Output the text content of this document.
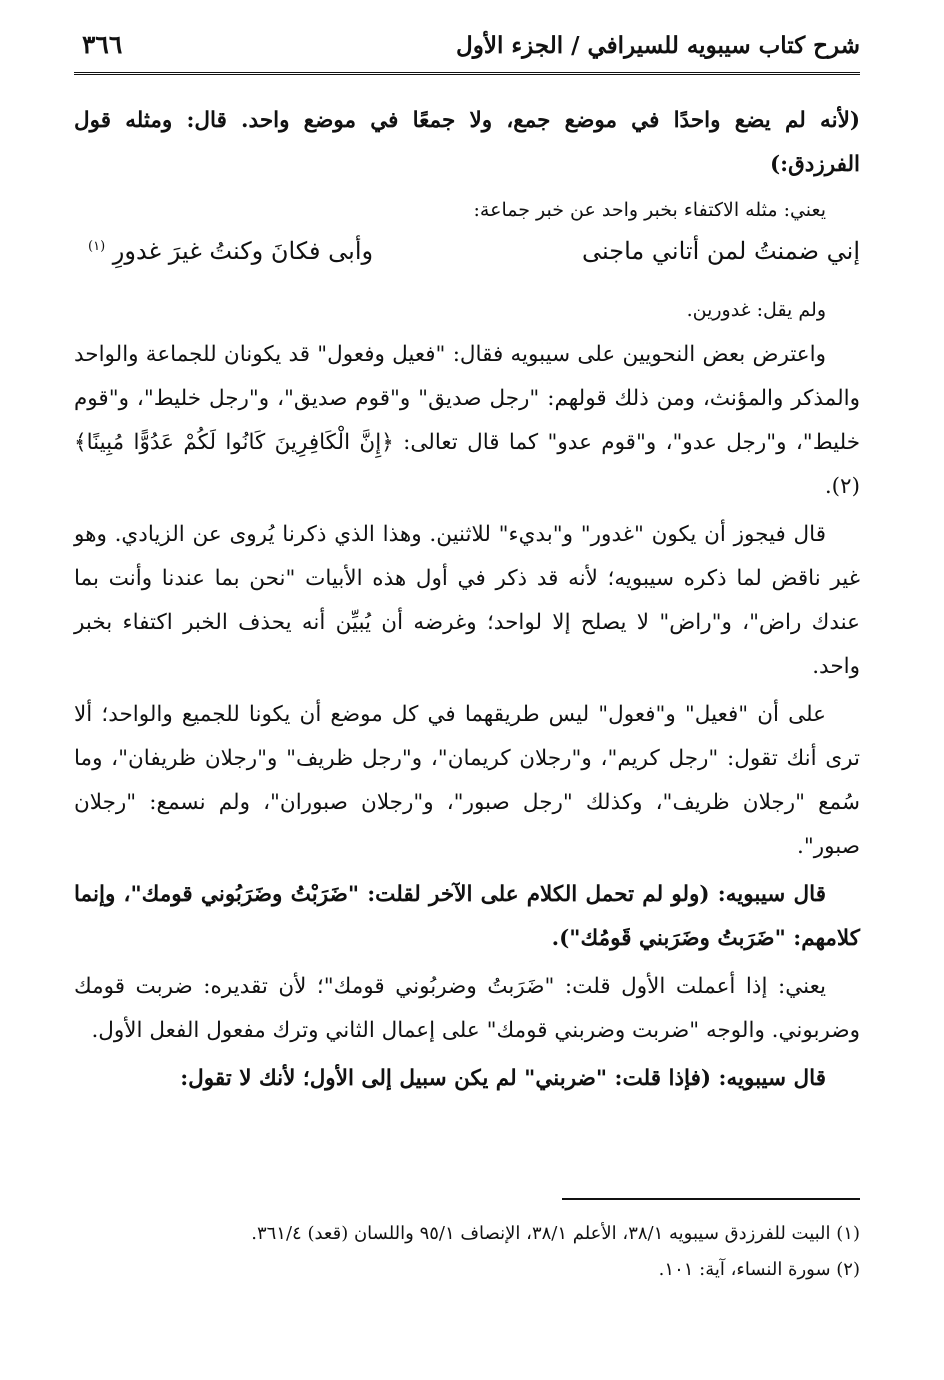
شرح كتاب سيبويه للسيرافي / الجزء الأول
٣٦٦

(لأنه لم يضع واحدًا في موضع جمع، ولا جمعًا في موضع واحد. قال: ومثله قول الفرزدق:)

يعني: مثله الاكتفاء بخبر واحد عن خبر جماعة:

إني ضمنتُ لمن أتاني ماجنى
وأبى فكانَ وكنتُ غيرَ غدورِ $^{(١)}$

ولم يقل: غدورين.

واعترض بعض النحويين على سيبويه فقال: "فعيل وفعول" قد يكونان للجماعة والواحد والمذكر والمؤنث، ومن ذلك قولهم: "رجل صديق" و"قوم صديق"، و"رجل خليط"، و"قوم خليط"، و"رجل عدو"، و"قوم عدو" كما قال تعالى: ﴿إِنَّ الْكَافِرِينَ كَانُوا لَكُمْ عَدُوًّا مُبِينًا﴾(٢).

قال فيجوز أن يكون "غدور" و"بديء" للاثنين. وهذا الذي ذكرنا يُروى عن الزيادي. وهو غير ناقض لما ذكره سيبويه؛ لأنه قد ذكر في أول هذه الأبيات "نحن بما عندنا وأنت بما عندك راض"، و"راض" لا يصلح إلا لواحد؛ وغرضه أن يُبيِّن أنه يحذف الخبر اكتفاء بخبر واحد.

على أن "فعيل" و"فعول" ليس طريقهما في كل موضع أن يكونا للجميع والواحد؛ ألا ترى أنك تقول: "رجل كريم"، و"رجلان كريمان"، و"رجل ظريف" و"رجلان ظريفان"، وما سُمع "رجلان ظريف"، وكذلك "رجل صبور"، و"رجلان صبوران"، ولم نسمع: "رجلان صبور".

قال سيبويه: (ولو لم تحمل الكلام على الآخر لقلت: "ضَرَبْتُ وضَرَبُوني قومك"، وإنما كلامهم: "ضَرَبتُ وضَرَبني قَومُك").

يعني: إذا أعملت الأول قلت: "ضَرَبتُ وضربُوني قومك"؛ لأن تقديره: ضربت قومك وضربوني. والوجه "ضربت وضربني قومك" على إعمال الثاني وترك مفعول الفعل الأول.

قال سيبويه: (فإذا قلت: "ضربني" لم يكن سبيل إلى الأول؛ لأنك لا تقول:

(١) البيت للفرزدق سيبويه ٣٨/١، الأعلم ٣٨/١، الإنصاف ٩٥/١ واللسان (قعد) ٣٦١/٤.

(٢) سورة النساء، آية: ١٠١.
